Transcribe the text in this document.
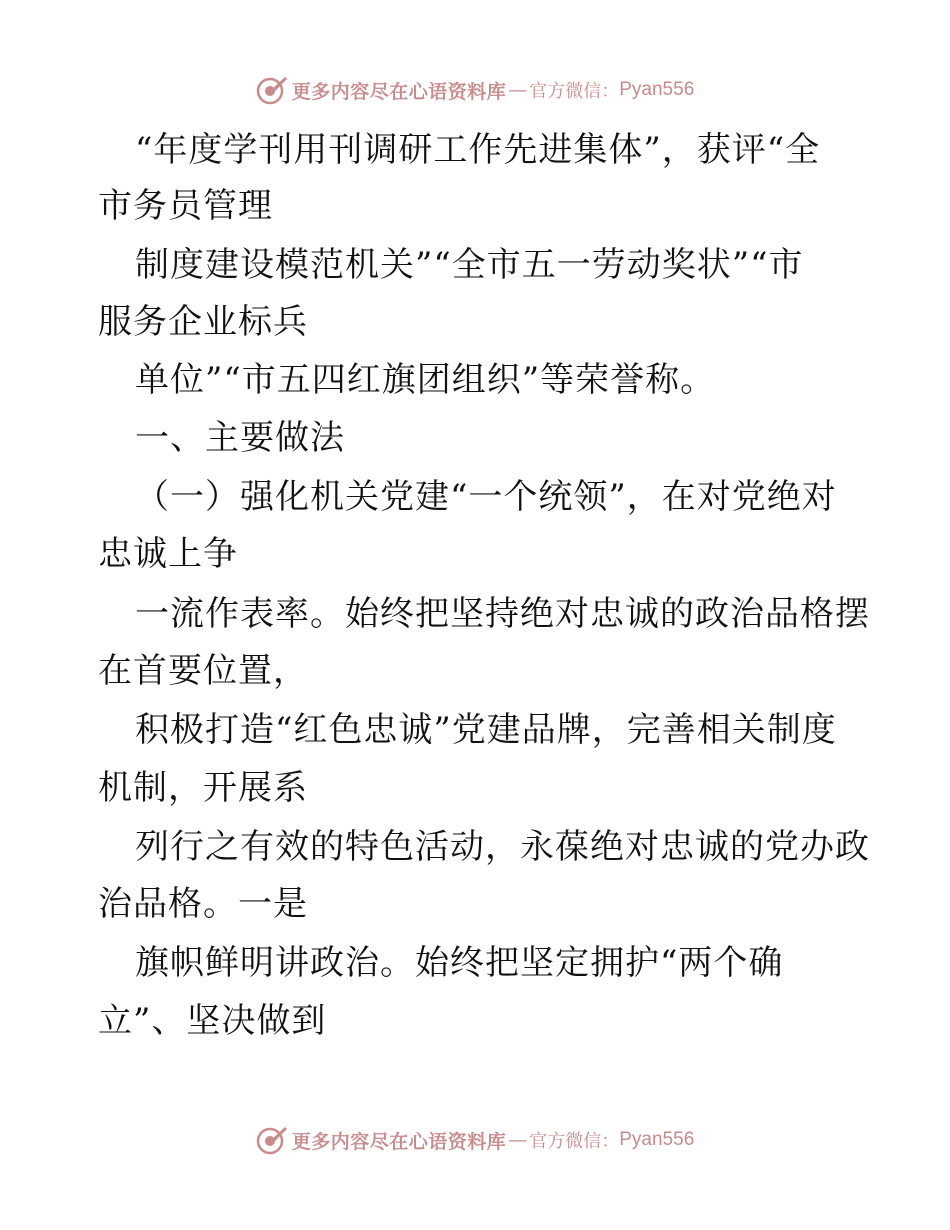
更多内容尽在心语资料库 — 官方微信： Pyan556
“年度学刊用刊调研工作先进集体”，获评“全
市务员管理
制度建设模范机关”“全市五一劳动奖状”“市
服务企业标兵
单位”“市五四红旗团组织”等荣誉称。
一、主要做法
（一）强化机关党建“一个统领”，在对党绝对
忠诚上争
一流作表率。始终把坚持绝对忠诚的政治品格摆
在首要位置，
积极打造“红色忠诚”党建品牌，完善相关制度
机制，开展系
列行之有效的特色活动，永葆绝对忠诚的党办政
治品格。一是
旗帜鲜明讲政治。始终把坚定拥护“两个确
立”、坚决做到
更多内容尽在心语资料库 — 官方微信： Pyan556
